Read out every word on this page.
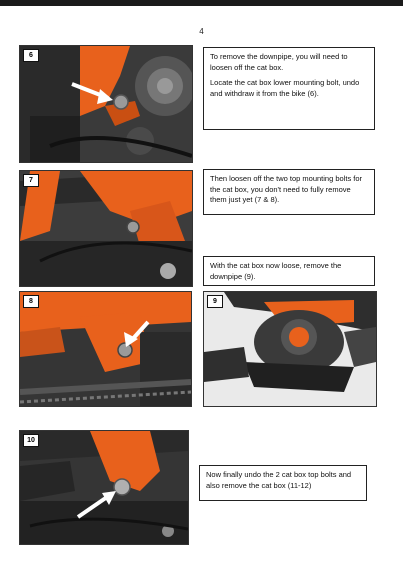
4
6	To remove the downpipe, you will need to loosen off the cat box.

Locate the cat box lower mounting bolt, undo and withdraw it from the bike (6).

7	Then loosen off the two top mounting bolts for the cat box, you don't need to fully remove them just yet (7 & 8).

With the cat box now loose, remove the downpipe (9).

8	9
10

Now finally undo the 2 cat box top bolts and also remove the cat box (11-12)
